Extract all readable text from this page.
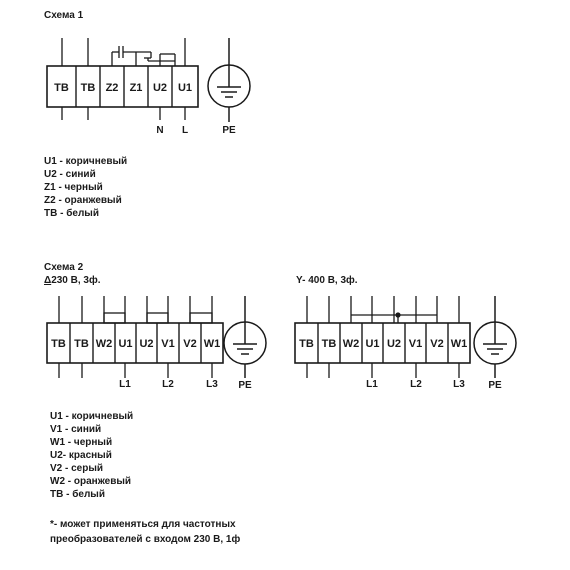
Схема 1
ТВ ТВ Z2 Z1 U2 U1
N L	PE
ТВ ТВ W2 U1 U2 V1 V2 W1
L1	L2	L3 PE
ТВ ТВ W2 U1 U2 V1 V2 W1
L1	L2	L3 PE
U1 - коричневый
U2 - синий
Z1 - черный
Z2 - оранжевый
ТВ - белый
Схема 2
Δ230 В, 3ф.	Y- 400 В, 3ф.
U1 - коричневый
V1 - синий
W1 - черный
U2- красный
V2 - серый
W2 - оранжевый
ТВ - белый
*- может применяться для частотных
преобразователей с входом 230 В, 1ф
